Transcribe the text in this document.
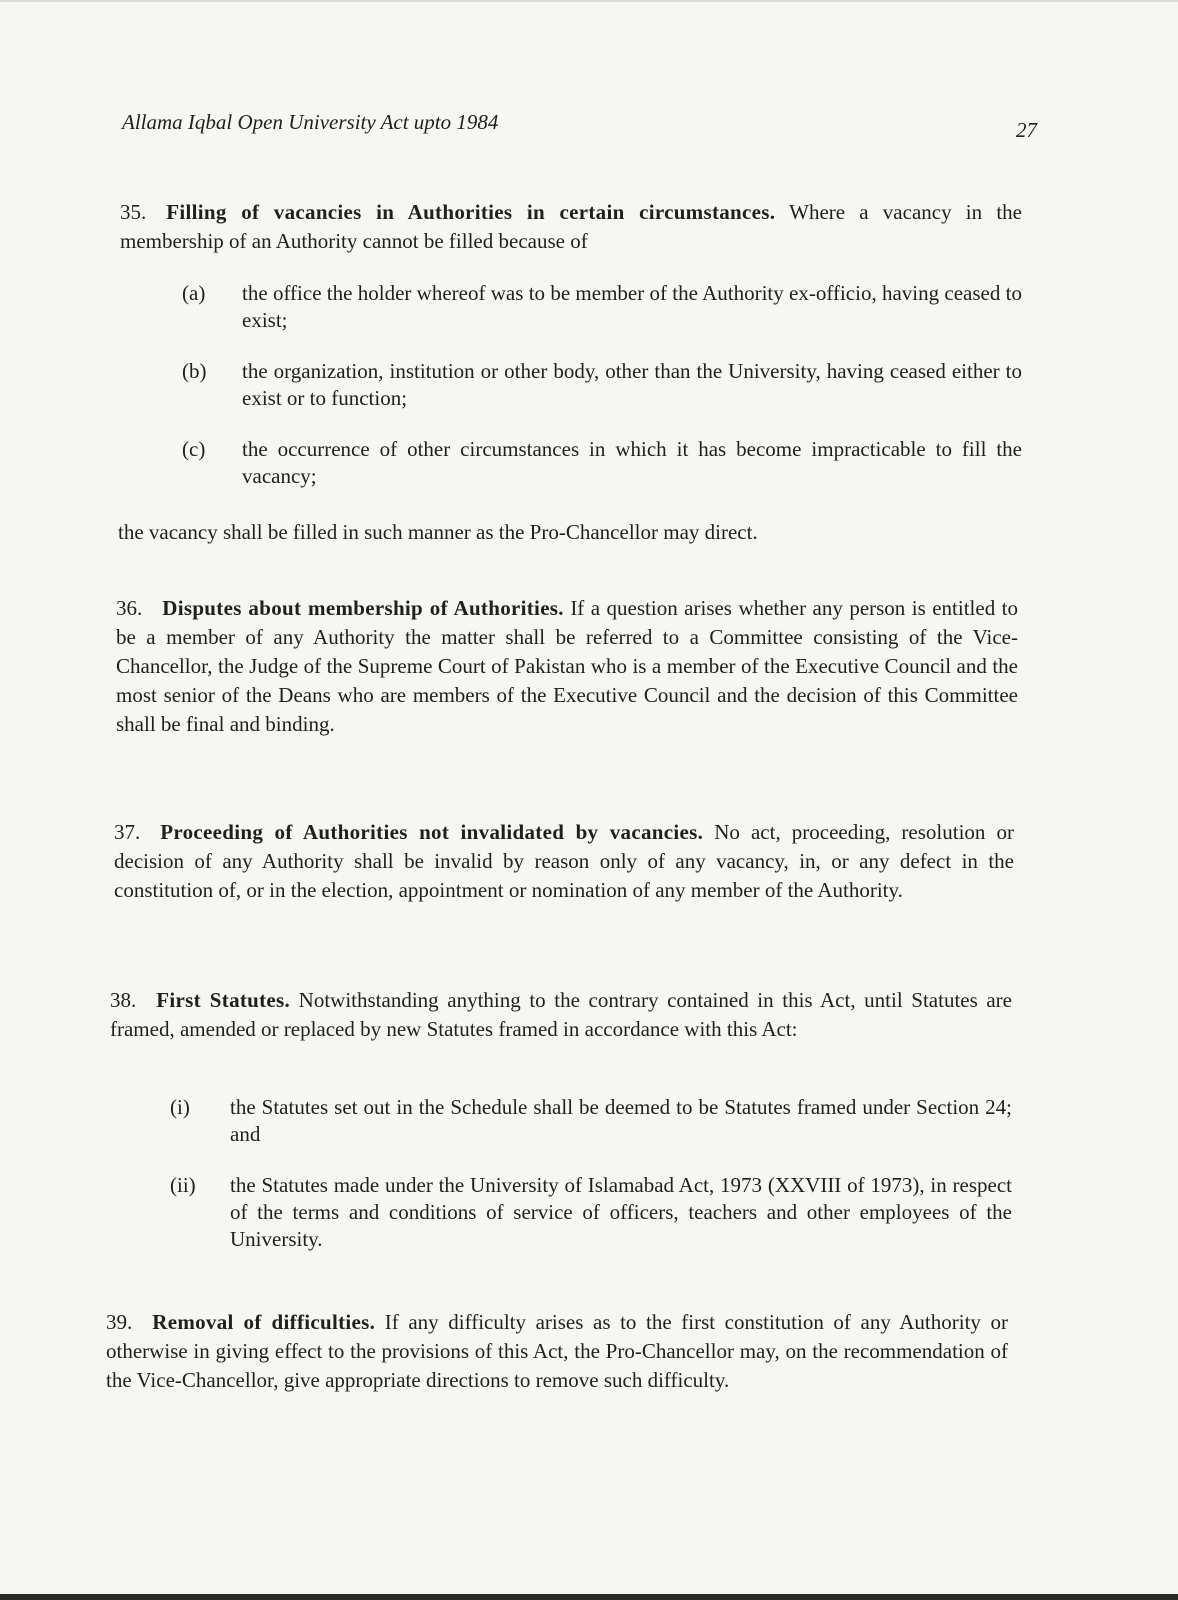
Allama Iqbal Open University Act upto 1984	27
35. Filling of vacancies in Authorities in certain circumstances. Where a vacancy in the membership of an Authority cannot be filled because of
(a) the office the holder whereof was to be member of the Authority ex-officio, having ceased to exist;
(b) the organization, institution or other body, other than the University, having ceased either to exist or to function;
(c) the occurrence of other circumstances in which it has become impracticable to fill the vacancy;
the vacancy shall be filled in such manner as the Pro-Chancellor may direct.
36. Disputes about membership of Authorities. If a question arises whether any person is entitled to be a member of any Authority the matter shall be referred to a Committee consisting of the Vice-Chancellor, the Judge of the Supreme Court of Pakistan who is a member of the Executive Council and the most senior of the Deans who are members of the Executive Council and the decision of this Committee shall be final and binding.
37. Proceeding of Authorities not invalidated by vacancies. No act, proceeding, resolution or decision of any Authority shall be invalid by reason only of any vacancy, in, or any defect in the constitution of, or in the election, appointment or nomination of any member of the Authority.
38. First Statutes. Notwithstanding anything to the contrary contained in this Act, until Statutes are framed, amended or replaced by new Statutes framed in accordance with this Act:
(i) the Statutes set out in the Schedule shall be deemed to be Statutes framed under Section 24; and
(ii) the Statutes made under the University of Islamabad Act, 1973 (XXVIII of 1973), in respect of the terms and conditions of service of officers, teachers and other employees of the University.
39. Removal of difficulties. If any difficulty arises as to the first constitution of any Authority or otherwise in giving effect to the provisions of this Act, the Pro-Chancellor may, on the recommendation of the Vice-Chancellor, give appropriate directions to remove such difficulty.
